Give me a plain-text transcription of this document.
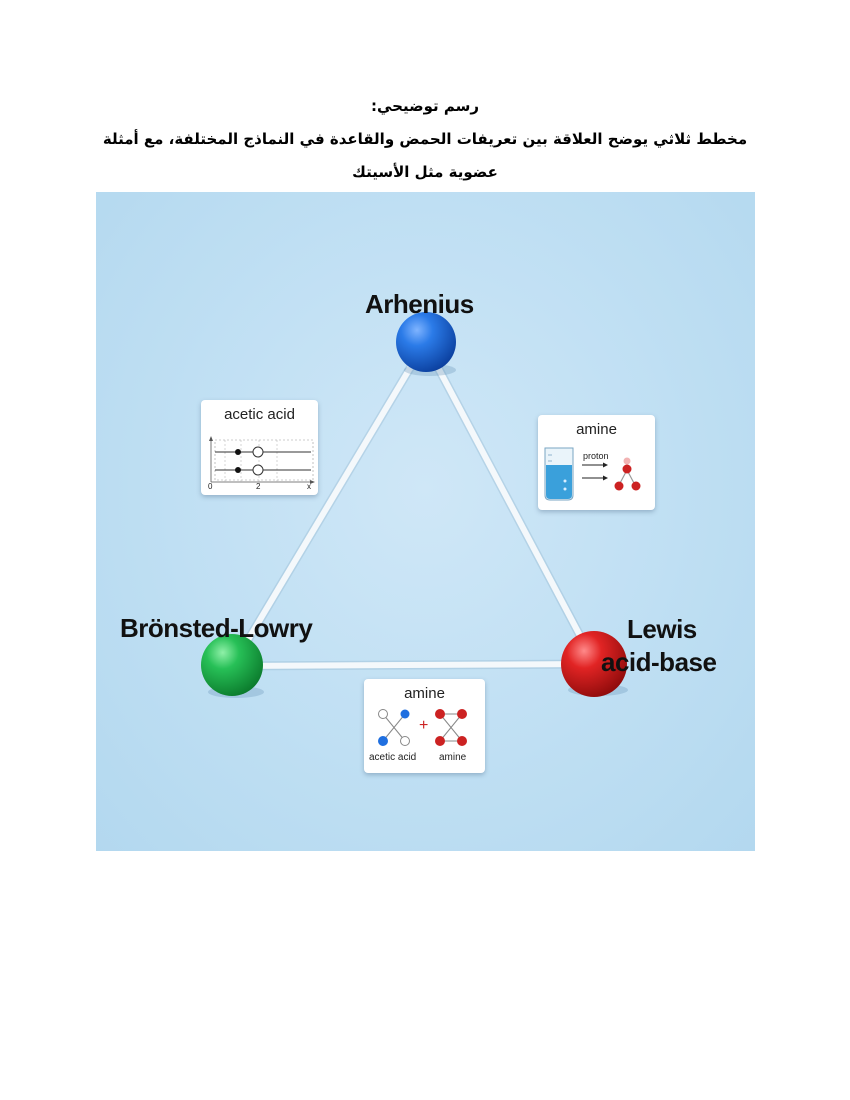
رسم توضيحي:
مخطط ثلاثي يوضح العلاقة بين تعريفات الحمض والقاعدة في النماذج المختلفة، مع أمثلة عضوية مثل الأسيتك
Arhenius
Brönsted-Lowry	Lewis
acid-base
acetic acid
0	2	x
amine
proton
amine
+
acetic acid amine
